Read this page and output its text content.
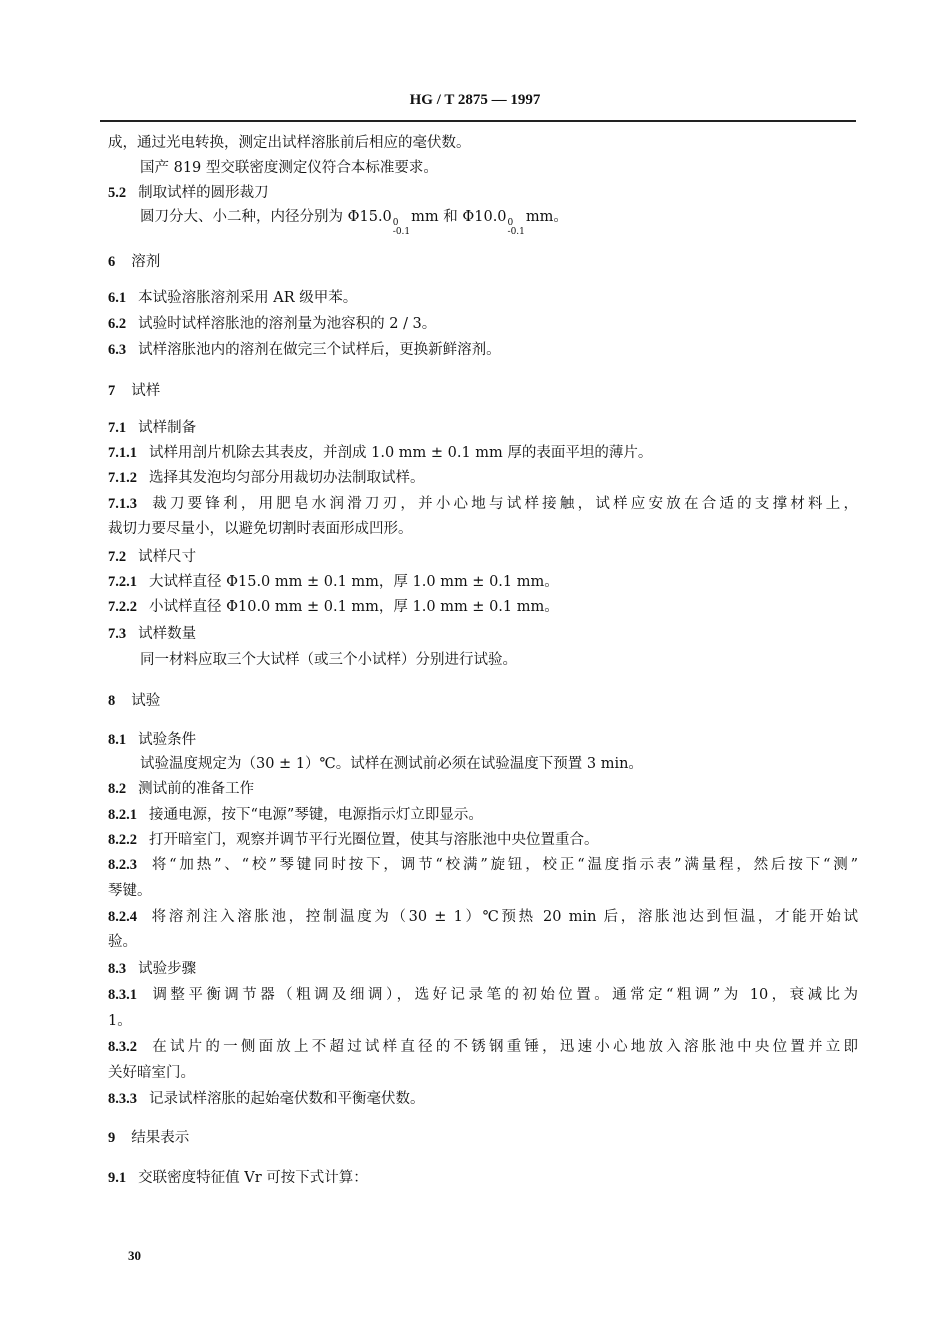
HG / T 2875 — 1997
成，通过光电转换，测定出试样溶胀前后相应的毫伏数。
国产 819 型交联密度测定仪符合本标准要求。
5.2 制取试样的圆形裁刀
6 溶剂
6.1 本试验溶胀溶剂采用 AR 级甲苯。
6.2 试验时试样溶胀池的溶剂量为池容积的 2 / 3。
6.3 试样溶胀池内的溶剂在做完三个试样后，更换新鲜溶剂。
7 试样
7.1 试样制备
7.1.1 试样用剖片机除去其表皮，并剖成 1.0 mm ± 0.1 mm 厚的表面平坦的薄片。
7.1.2 选择其发泡均匀部分用裁切办法制取试样。
7.1.3 裁刀要锋利，用肥皂水润滑刀刃，并小心地与试样接触，试样应安放在合适的支撑材料上，
裁切力要尽量小，以避免切割时表面形成凹形。
7.2 试样尺寸
7.2.1 大试样直径 Φ15.0 mm ± 0.1 mm，厚 1.0 mm ± 0.1 mm。
7.2.2 小试样直径 Φ10.0 mm ± 0.1 mm，厚 1.0 mm ± 0.1 mm。
7.3 试样数量
同一材料应取三个大试样（或三个小试样）分别进行试验。
8 试验
8.1 试验条件
试验温度规定为（30 ± 1）℃。试样在测试前必须在试验温度下预置 3 min。
8.2 测试前的准备工作
8.2.1 接通电源，按下“电源”琴键，电源指示灯立即显示。
8.2.2 打开暗室门，观察并调节平行光圈位置，使其与溶胀池中央位置重合。
8.2.3 将“加热”、“校”琴键同时按下，调节“校满”旋钮，校正“温度指示表”满量程，然后按下“测”
琴键。
8.2.4 将溶剂注入溶胀池，控制温度为（30 ± 1）℃预热 20 min 后，溶胀池达到恒温，才能开始试
验。
8.3 试验步骤
8.3.1 调整平衡调节器（粗调及细调），选好记录笔的初始位置。通常定“粗调”为 10，衰减比为
1。
8.3.2 在试片的一侧面放上不超过试样直径的不锈钢重锤，迅速小心地放入溶胀池中央位置并立即
关好暗室门。
8.3.3 记录试样溶胀的起始毫伏数和平衡毫伏数。
9 结果表示
9.1 交联密度特征值 Vr 可按下式计算：
圆刀分大、小二种，内径分别为 Φ15.0 0
-0.1
mm 和 Φ10.0 0
-0.1
mm。
30
